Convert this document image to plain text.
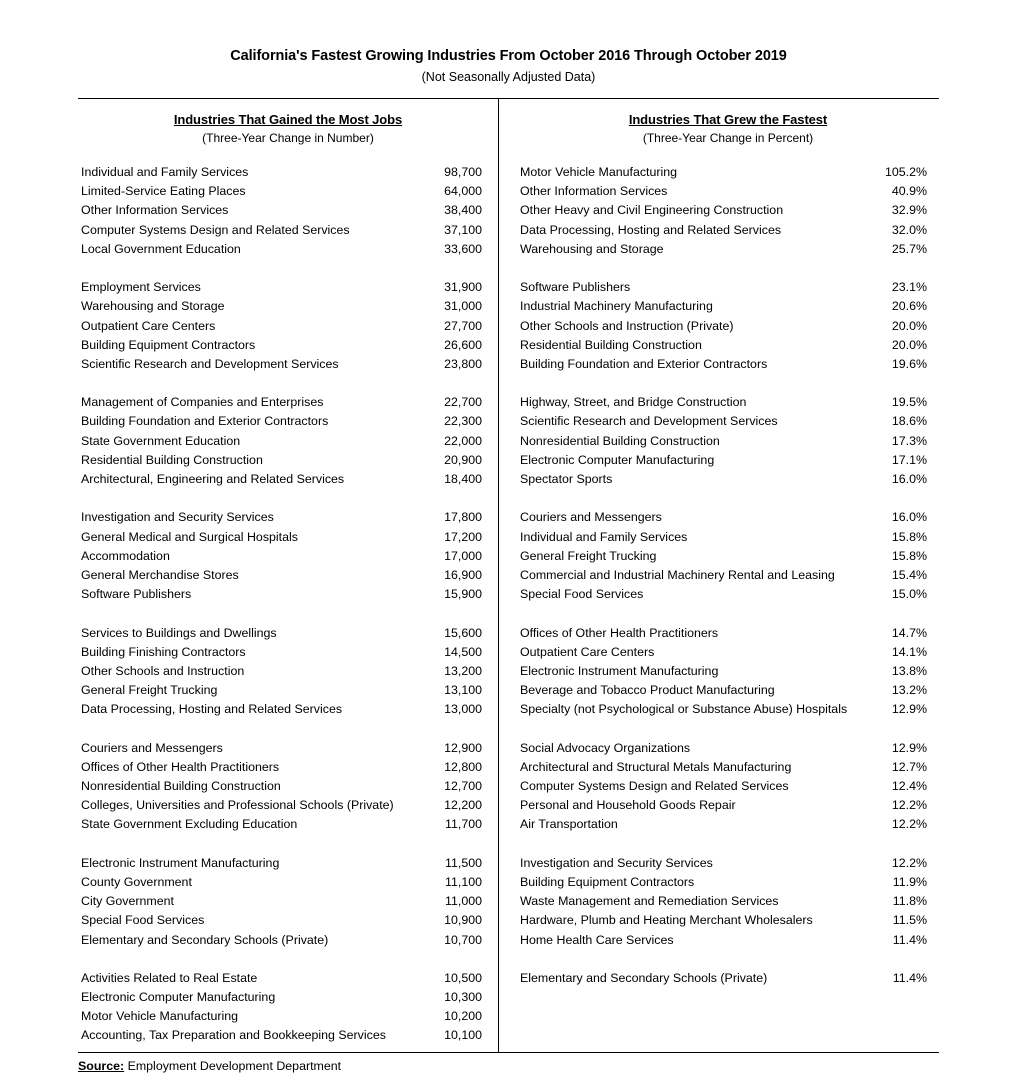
California's Fastest Growing Industries From October 2016 Through October 2019
(Not Seasonally Adjusted Data)
Industries That Gained the Most Jobs
(Three-Year Change in Number)
Individual and Family Services	98,700
Limited-Service Eating Places	64,000
Other Information Services	38,400
Computer Systems Design and Related Services	37,100
Local Government Education	33,600
Employment Services	31,900
Warehousing and Storage	31,000
Outpatient Care Centers	27,700
Building Equipment Contractors	26,600
Scientific Research and Development Services	23,800
Management of Companies and Enterprises	22,700
Building Foundation and Exterior Contractors	22,300
State Government Education	22,000
Residential Building Construction	20,900
Architectural, Engineering and Related Services	18,400
Investigation and Security Services	17,800
General Medical and Surgical Hospitals	17,200
Accommodation	17,000
General Merchandise Stores	16,900
Software Publishers	15,900
Services to Buildings and Dwellings	15,600
Building Finishing Contractors	14,500
Other Schools and Instruction	13,200
General Freight Trucking	13,100
Data Processing, Hosting and Related Services	13,000
Couriers and Messengers	12,900
Offices of Other Health Practitioners	12,800
Nonresidential Building Construction	12,700
Colleges, Universities and Professional Schools (Private)	12,200
State Government Excluding Education	11,700
Electronic Instrument Manufacturing	11,500
County Government	11,100
City Government	11,000
Special Food Services	10,900
Elementary and Secondary Schools (Private)	10,700
Activities Related to Real Estate	10,500
Electronic Computer Manufacturing	10,300
Motor Vehicle Manufacturing	10,200
Accounting, Tax Preparation and Bookkeeping Services	10,100
Industries That Grew the Fastest
(Three-Year Change in Percent)
Motor Vehicle Manufacturing	105.2%
Other Information Services	40.9%
Other Heavy and Civil Engineering Construction	32.9%
Data Processing, Hosting and Related Services	32.0%
Warehousing and Storage	25.7%
Software Publishers	23.1%
Industrial Machinery Manufacturing	20.6%
Other Schools and Instruction (Private)	20.0%
Residential Building Construction	20.0%
Building Foundation and Exterior Contractors	19.6%
Highway, Street, and Bridge Construction	19.5%
Scientific Research and Development Services	18.6%
Nonresidential Building Construction	17.3%
Electronic Computer Manufacturing	17.1%
Spectator Sports	16.0%
Couriers and Messengers	16.0%
Individual and Family Services	15.8%
General Freight Trucking	15.8%
Commercial and Industrial Machinery Rental and Leasing	15.4%
Special Food Services	15.0%
Offices of Other Health Practitioners	14.7%
Outpatient Care Centers	14.1%
Electronic Instrument Manufacturing	13.8%
Beverage and Tobacco Product Manufacturing	13.2%
Specialty (not Psychological or Substance Abuse) Hospitals	12.9%
Social Advocacy Organizations	12.9%
Architectural and Structural Metals Manufacturing	12.7%
Computer Systems Design and Related Services	12.4%
Personal and Household Goods Repair	12.2%
Air Transportation	12.2%
Investigation and Security Services	12.2%
Building Equipment Contractors	11.9%
Waste Management and Remediation Services	11.8%
Hardware, Plumb and Heating Merchant Wholesalers	11.5%
Home Health Care Services	11.4%
Elementary and Secondary Schools (Private)	11.4%
Source: Employment Development Department
